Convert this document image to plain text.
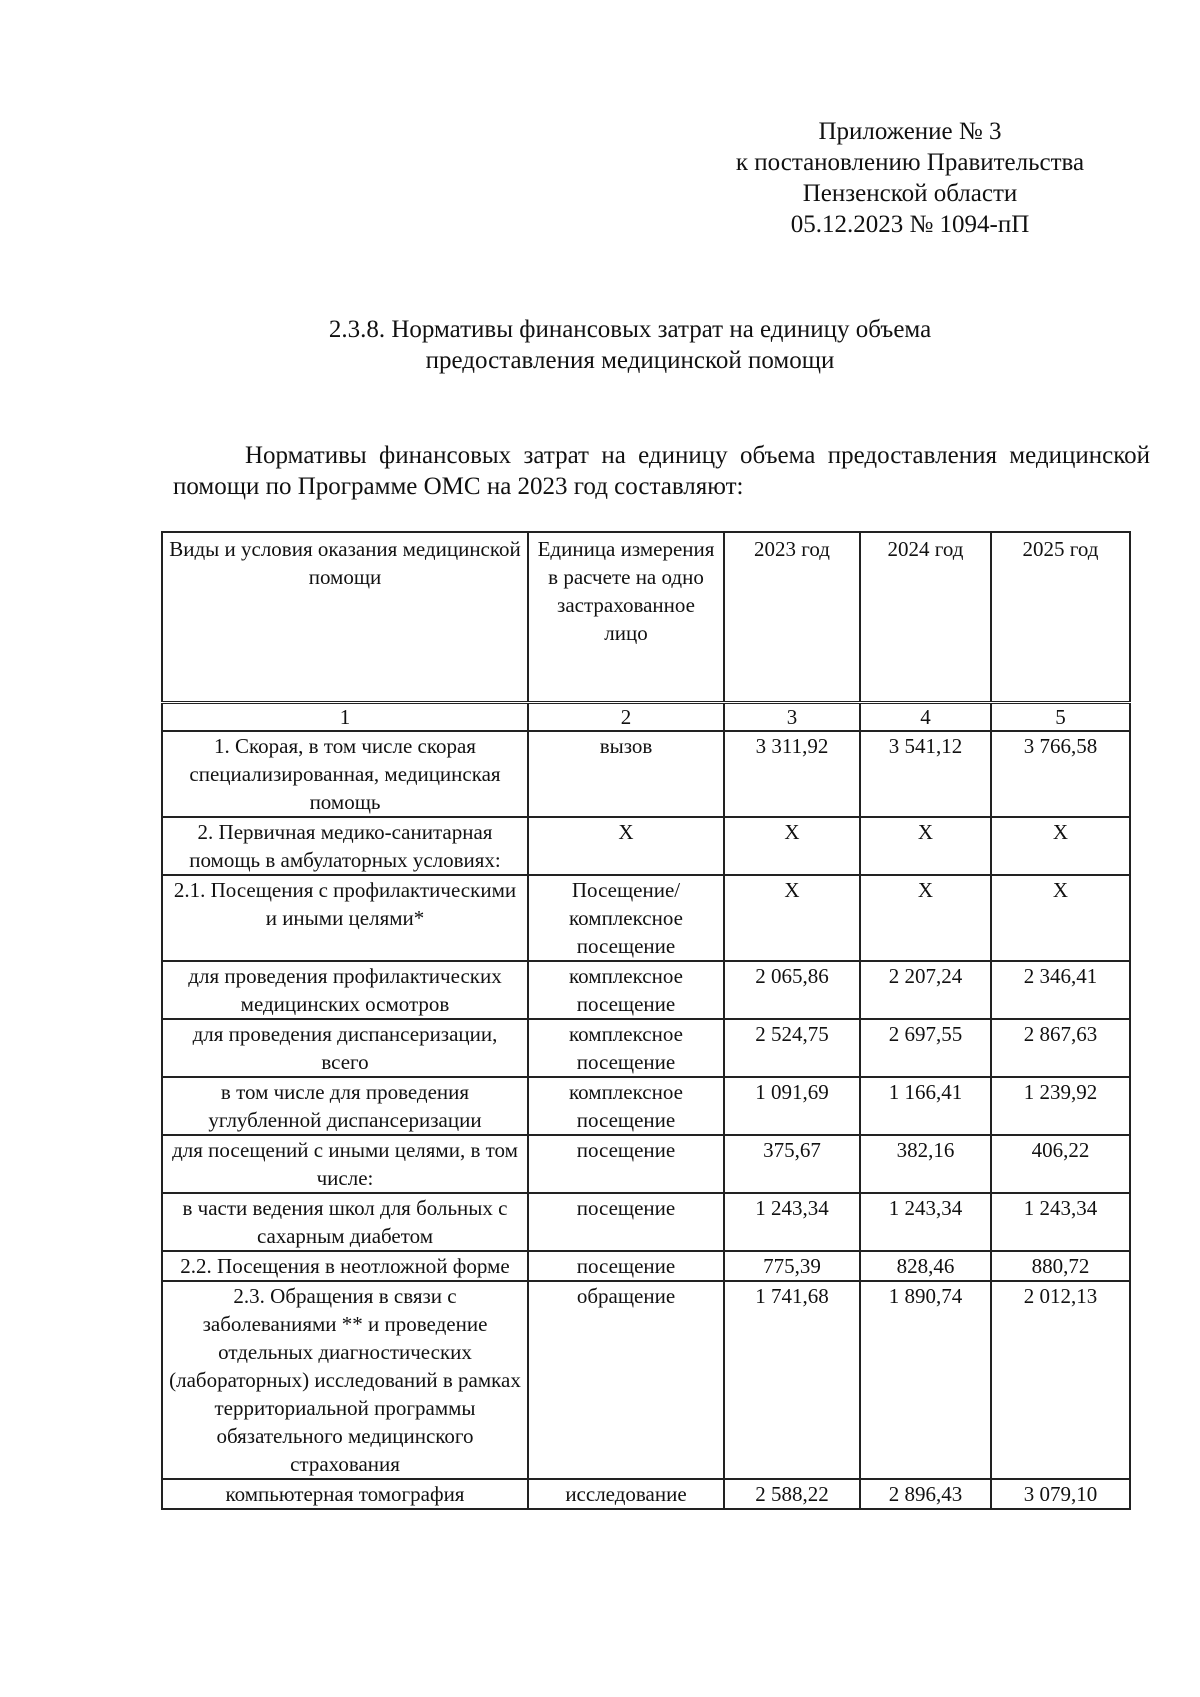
Приложение № 3
к постановлению Правительства
Пензенской области
05.12.2023 № 1094-пП
2.3.8. Нормативы финансовых затрат на единицу объема
предоставления медицинской помощи
Нормативы финансовых затрат на единицу объема предоставления медицинской помощи по Программе ОМС на 2023 год составляют:
Виды и условия оказания медицинской помощи	Единица измерения в расчете на одно застрахованное лицо	2023 год	2024 год	2025 год
1	2	3	4	5
1. Скорая, в том числе скорая специализированная, медицинская помощь	вызов	3 311,92	3 541,12	3 766,58
2. Первичная медико-санитарная помощь в амбулаторных условиях:	Х	Х	Х	Х
2.1. Посещения с профилактическими и иными целями*	Посещение/ комплексное посещение	Х	Х	Х
для проведения профилактических медицинских осмотров	комплексное посещение	2 065,86	2 207,24	2 346,41
для проведения диспансеризации, всего	комплексное посещение	2 524,75	2 697,55	2 867,63
в том числе для проведения углубленной диспансеризации	комплексное посещение	1 091,69	1 166,41	1 239,92
для посещений с иными целями, в том числе:	посещение	375,67	382,16	406,22
в части ведения школ для больных с сахарным диабетом	посещение	1 243,34	1 243,34	1 243,34
2.2. Посещения в неотложной форме	посещение	775,39	828,46	880,72
2.3. Обращения в связи с заболеваниями ** и проведение отдельных диагностических (лабораторных) исследований в рамках территориальной программы обязательного медицинского страхования	обращение	1 741,68	1 890,74	2 012,13
компьютерная томография	исследование	2 588,22	2 896,43	3 079,10
